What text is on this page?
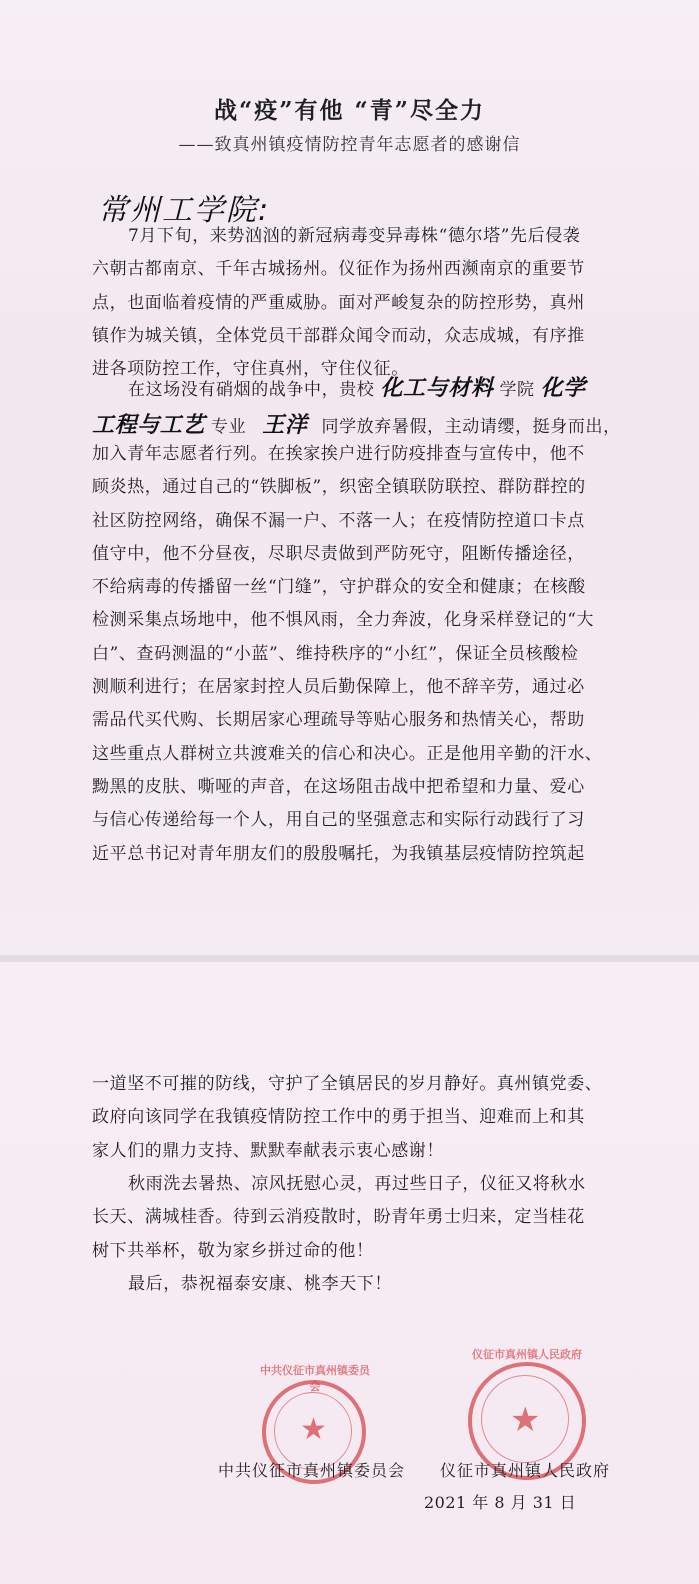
战“疫”有他 “青”尽全力
——致真州镇疫情防控青年志愿者的感谢信
常州工学院:
7月下旬，来势汹汹的新冠病毒变异毒株“德尔塔”先后侵袭
六朝古都南京、千年古城扬州。仪征作为扬州西濒南京的重要节
点，也面临着疫情的严重威胁。面对严峻复杂的防控形势，真州
镇作为城关镇，全体党员干部群众闻令而动，众志成城，有序推
进各项防控工作，守住真州，守住仪征。
在这场没有硝烟的战争中，贵校 化工与材料 学院 化学
工程与工艺 专业 王洋 同学放弃暑假，主动请缨，挺身而出，
加入青年志愿者行列。在挨家挨户进行防疫排查与宣传中，他不
顾炎热，通过自己的“铁脚板”，织密全镇联防联控、群防群控的
社区防控网络，确保不漏一户、不落一人；在疫情防控道口卡点
值守中，他不分昼夜，尽职尽责做到严防死守，阻断传播途径，
不给病毒的传播留一丝“门缝”，守护群众的安全和健康；在核酸
检测采集点场地中，他不惧风雨，全力奔波，化身采样登记的“大
白”、查码测温的“小蓝”、维持秩序的“小红”，保证全员核酸检
测顺利进行；在居家封控人员后勤保障上，他不辞辛劳，通过必
需品代买代购、长期居家心理疏导等贴心服务和热情关心，帮助
这些重点人群树立共渡难关的信心和决心。正是他用辛勤的汗水、
黝黑的皮肤、嘶哑的声音，在这场阻击战中把希望和力量、爱心
与信心传递给每一个人，用自己的坚强意志和实际行动践行了习
近平总书记对青年朋友们的殷殷嘱托，为我镇基层疫情防控筑起
一道坚不可摧的防线，守护了全镇居民的岁月静好。真州镇党委、
政府向该同学在我镇疫情防控工作中的勇于担当、迎难而上和其
家人们的鼎力支持、默默奉献表示衷心感谢！
秋雨洗去暑热、凉风抚慰心灵，再过些日子，仪征又将秋水
长天、满城桂香。待到云消疫散时，盼青年勇士归来，定当桂花
树下共举杯，敬为家乡拼过命的他！
最后，恭祝福泰安康、桃李天下！
★
中共仪征市真州镇委员会
★
仪征市真州镇人民政府
中共仪征市真州镇委员会 仪征市真州镇人民政府
2021 年 8 月 31 日
